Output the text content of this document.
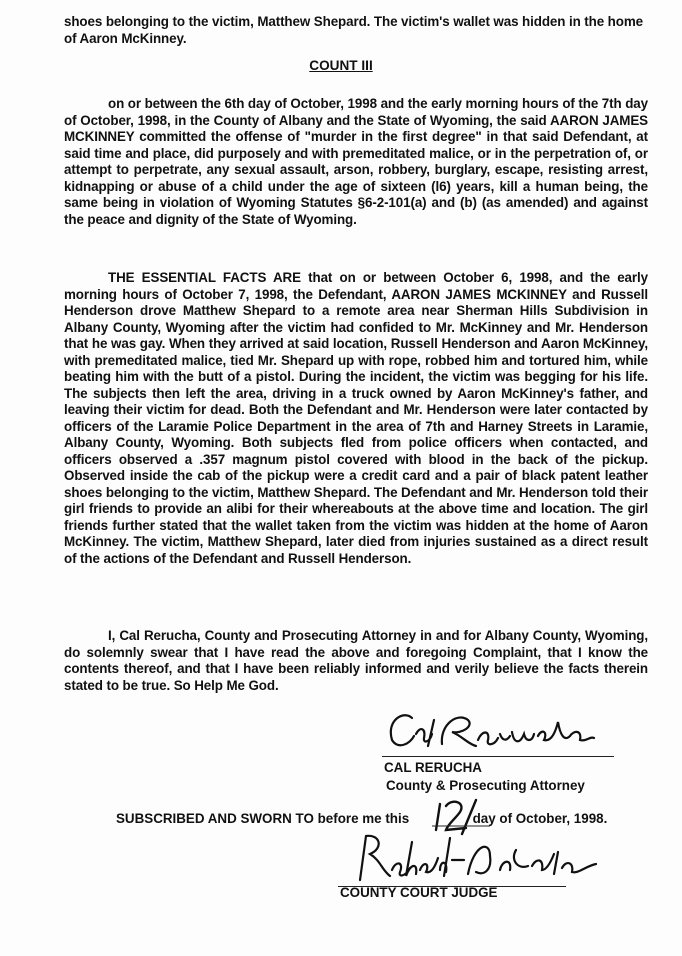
shoes belonging to the victim, Matthew Shepard. The victim's wallet was hidden in the home of Aaron McKinney.

COUNT III

on or between the 6th day of October, 1998 and the early morning hours of the 7th day of October, 1998, in the County of Albany and the State of Wyoming, the said AARON JAMES MCKINNEY committed the offense of "murder in the first degree" in that said Defendant, at said time and place, did purposely and with premeditated malice, or in the perpetration of, or attempt to perpetrate, any sexual assault, arson, robbery, burglary, escape, resisting arrest, kidnapping or abuse of a child under the age of sixteen (l6) years, kill a human being, the same being in violation of Wyoming Statutes §6-2-101(a) and (b) (as amended) and against the peace and dignity of the State of Wyoming.

THE ESSENTIAL FACTS ARE that on or between October 6, 1998, and the early morning hours of October 7, 1998, the Defendant, AARON JAMES MCKINNEY and Russell Henderson drove Matthew Shepard to a remote area near Sherman Hills Subdivision in Albany County, Wyoming after the victim had confided to Mr. McKinney and Mr. Henderson that he was gay. When they arrived at said location, Russell Henderson and Aaron McKinney, with premeditated malice, tied Mr. Shepard up with rope, robbed him and tortured him, while beating him with the butt of a pistol. During the incident, the victim was begging for his life. The subjects then left the area, driving in a truck owned by Aaron McKinney's father, and leaving their victim for dead. Both the Defendant and Mr. Henderson were later contacted by officers of the Laramie Police Department in the area of 7th and Harney Streets in Laramie, Albany County, Wyoming. Both subjects fled from police officers when contacted, and officers observed a .357 magnum pistol covered with blood in the back of the pickup. Observed inside the cab of the pickup were a credit card and a pair of black patent leather shoes belonging to the victim, Matthew Shepard. The Defendant and Mr. Henderson told their girl friends to provide an alibi for their whereabouts at the above time and location. The girl friends further stated that the wallet taken from the victim was hidden at the home of Aaron McKinney. The victim, Matthew Shepard, later died from injuries sustained as a direct result of the actions of the Defendant and Russell Henderson.

I, Cal Rerucha, County and Prosecuting Attorney in and for Albany County, Wyoming, do solemnly swear that I have read the above and foregoing Complaint, that I know the contents thereof, and that I have been reliably informed and verily believe the facts therein stated to be true. So Help Me God.

CAL RERUCHA
County & Prosecuting Attorney
SUBSCRIBED AND SWORN TO before me this	day of October, 1998.
COUNTY COURT JUDGE
